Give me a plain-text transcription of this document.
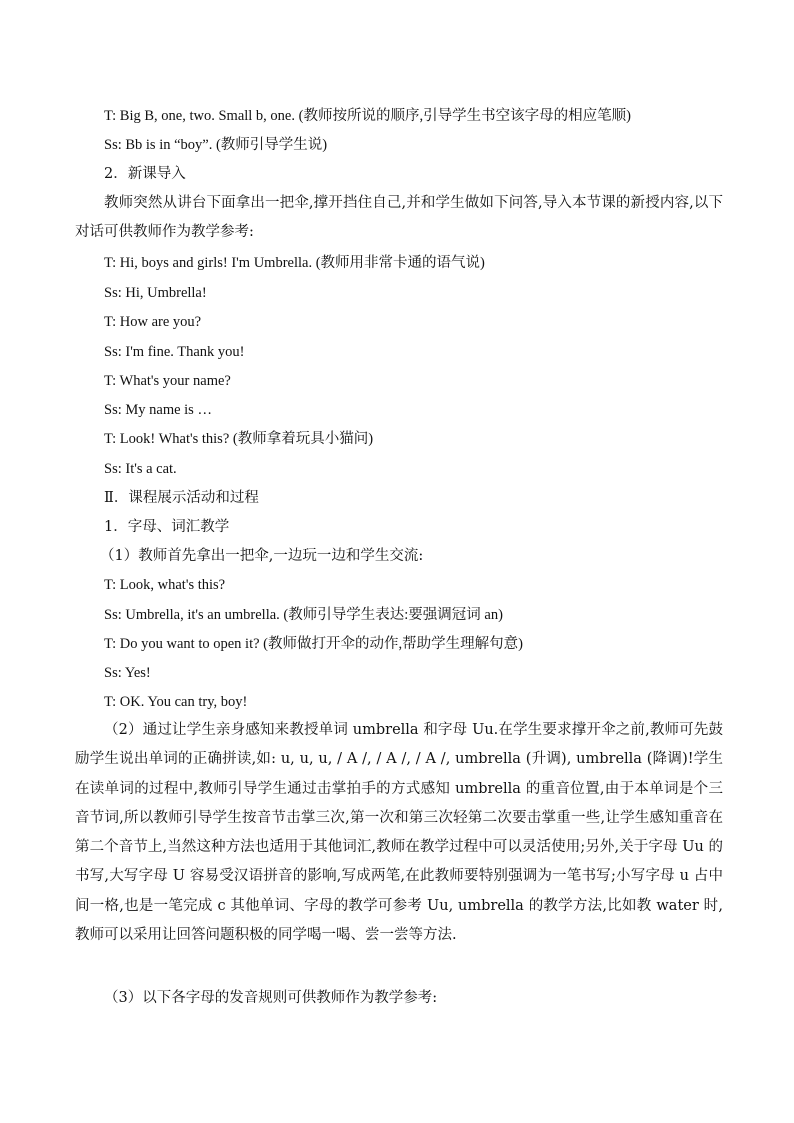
T: Big B, one, two. Small b, one. (教师按所说的顺序,引导学生书空该字母的相应笔顺)
Ss: Bb is in “boy”. (教师引导学生说)
2．新课导入
教师突然从讲台下面拿出一把伞,撑开挡住自己,并和学生做如下问答,导入本节课的新授内容,以下对话可供教师作为教学参考:
T: Hi, boys and girls! I'm Umbrella. (教师用非常卡通的语气说)
Ss: Hi, Umbrella!
T: How are you?
Ss: I'm fine. Thank you!
T: What's your name?
Ss: My name is …
T: Look! What's this? (教师拿着玩具小猫问)
Ss: It's a cat.
Ⅱ．课程展示活动和过程
1．字母、词汇教学
（1）教师首先拿出一把伞,一边玩一边和学生交流:
T: Look, what's this?
Ss: Umbrella, it's an umbrella. (教师引导学生表达:要强调冠词 an)
T: Do you want to open it? (教师做打开伞的动作,帮助学生理解句意)
Ss: Yes!
T: OK. You can try, boy!
（2）通过让学生亲身感知来教授单词 umbrella 和字母 Uu.在学生要求撑开伞之前,教师可先鼓励学生说出单词的正确拼读,如: u, u, u, / A /, / A /, / A /, umbrella (升调), umbrella (降调)!学生在读单词的过程中,教师引导学生通过击掌拍手的方式感知 umbrella 的重音位置,由于本单词是个三音节词,所以教师引导学生按音节击掌三次,第一次和第三次轻第二次要击掌重一些,让学生感知重音在第二个音节上,当然这种方法也适用于其他词汇,教师在教学过程中可以灵活使用;另外,关于字母 Uu 的书写,大写字母 U 容易受汉语拼音的影响,写成两笔,在此教师要特别强调为一笔书写;小写字母 u 占中间一格,也是一笔完成 c 其他单词、字母的教学可参考 Uu, umbrella 的教学方法,比如教 water 时,教师可以采用让回答问题积极的同学喝一喝、尝一尝等方法.
（3）以下各字母的发音规则可供教师作为教学参考:
